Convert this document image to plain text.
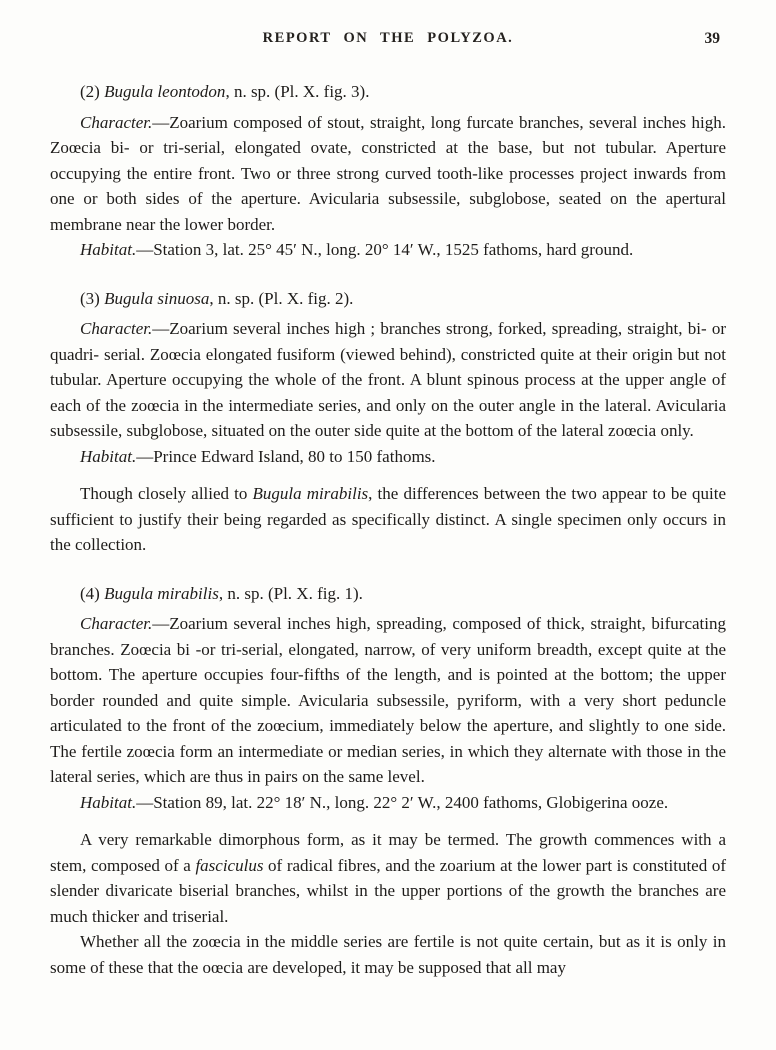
REPORT ON THE POLYZOA.	39

(2) Bugula leontodon, n. sp. (Pl. X. fig. 3).

Character.—Zoarium composed of stout, straight, long furcate branches, several inches high. Zoœcia bi- or tri-serial, elongated ovate, constricted at the base, but not tubular. Aperture occupying the entire front. Two or three strong curved tooth-like processes project inwards from one or both sides of the aperture. Avicularia subsessile, subglobose, seated on the apertural membrane near the lower border.

Habitat.—Station 3, lat. 25° 45′ N., long. 20° 14′ W., 1525 fathoms, hard ground.

(3) Bugula sinuosa, n. sp. (Pl. X. fig. 2).

Character.—Zoarium several inches high ; branches strong, forked, spreading, straight, bi- or quadri- serial. Zoœcia elongated fusiform (viewed behind), constricted quite at their origin but not tubular. Aperture occupying the whole of the front. A blunt spinous process at the upper angle of each of the zoœcia in the intermediate series, and only on the outer angle in the lateral. Avicularia subsessile, subglobose, situated on the outer side quite at the bottom of the lateral zoœcia only.

Habitat.—Prince Edward Island, 80 to 150 fathoms.

Though closely allied to Bugula mirabilis, the differences between the two appear to be quite sufficient to justify their being regarded as specifically distinct. A single specimen only occurs in the collection.

(4) Bugula mirabilis, n. sp. (Pl. X. fig. 1).

Character.—Zoarium several inches high, spreading, composed of thick, straight, bifurcating branches. Zoœcia bi -or tri-serial, elongated, narrow, of very uniform breadth, except quite at the bottom. The aperture occupies four-fifths of the length, and is pointed at the bottom; the upper border rounded and quite simple. Avicularia subsessile, pyriform, with a very short peduncle articulated to the front of the zoœcium, immediately below the aperture, and slightly to one side. The fertile zoœcia form an intermediate or median series, in which they alternate with those in the lateral series, which are thus in pairs on the same level.

Habitat.—Station 89, lat. 22° 18′ N., long. 22° 2′ W., 2400 fathoms, Globigerina ooze.

A very remarkable dimorphous form, as it may be termed. The growth commences with a stem, composed of a fasciculus of radical fibres, and the zoarium at the lower part is constituted of slender divaricate biserial branches, whilst in the upper portions of the growth the branches are much thicker and triserial.

Whether all the zoœcia in the middle series are fertile is not quite certain, but as it is only in some of these that the oœcia are developed, it may be supposed that all may
